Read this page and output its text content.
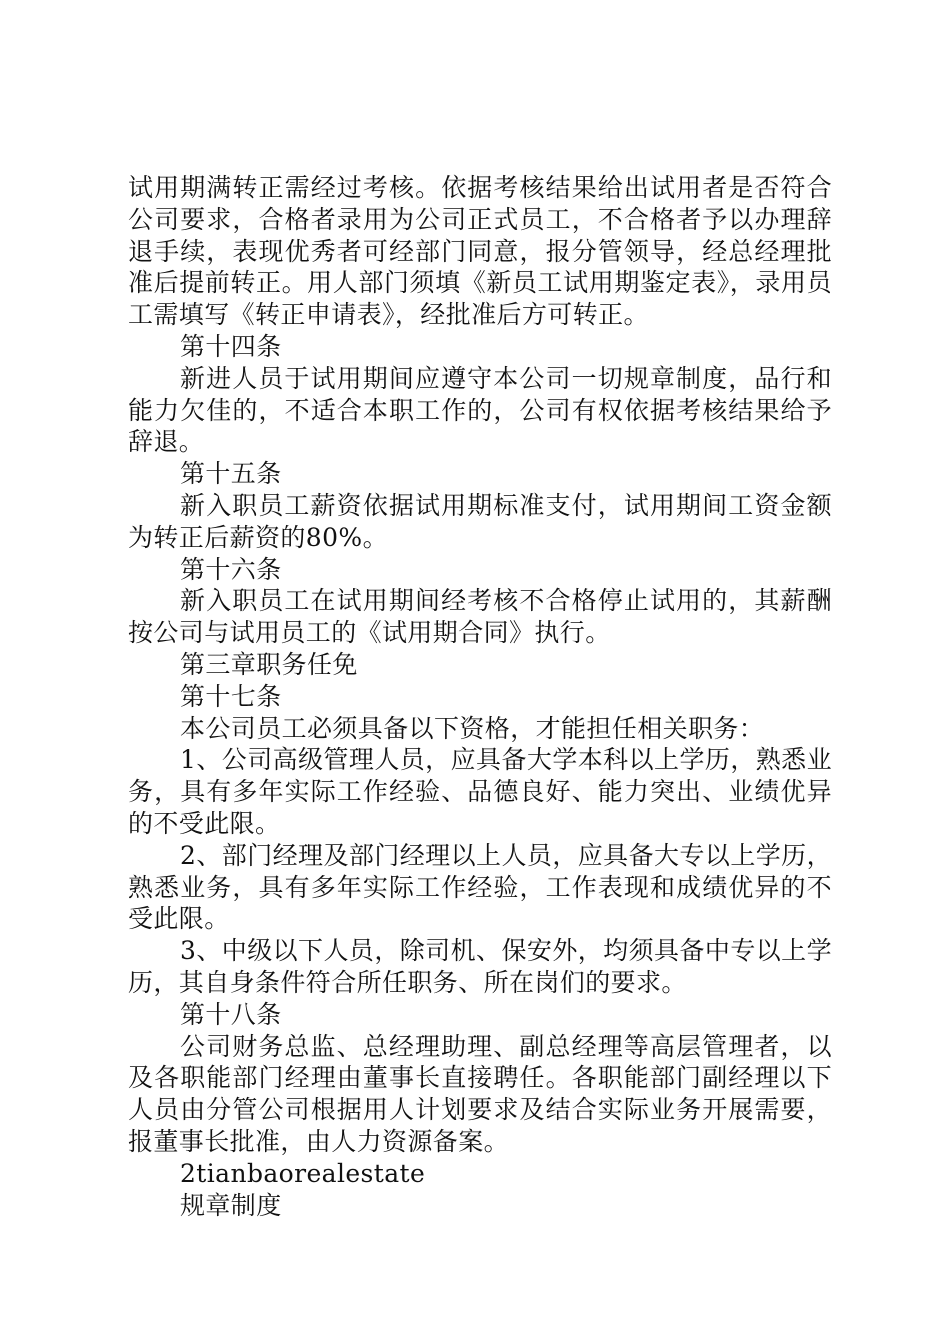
试用期满转正需经过考核。依据考核结果给出试用者是否符合公司要求，合格者录用为公司正式员工，不合格者予以办理辞退手续，表现优秀者可经部门同意，报分管领导，经总经理批准后提前转正。用人部门须填《新员工试用期鉴定表》，录用员工需填写《转正申请表》，经批准后方可转正。

第十四条

新进人员于试用期间应遵守本公司一切规章制度，品行和能力欠佳的，不适合本职工作的，公司有权依据考核结果给予辞退。

第十五条

新入职员工薪资依据试用期标准支付，试用期间工资金额为转正后薪资的80%。

第十六条

新入职员工在试用期间经考核不合格停止试用的，其薪酬按公司与试用员工的《试用期合同》执行。

第三章职务任免

第十七条

本公司员工必须具备以下资格，才能担任相关职务：

1、公司高级管理人员，应具备大学本科以上学历，熟悉业务，具有多年实际工作经验、品德良好、能力突出、业绩优异的不受此限。

2、部门经理及部门经理以上人员，应具备大专以上学历，熟悉业务，具有多年实际工作经验，工作表现和成绩优异的不受此限。

3、中级以下人员，除司机、保安外，均须具备中专以上学历，其自身条件符合所任职务、所在岗们的要求。

第十八条

公司财务总监、总经理助理、副总经理等高层管理者，以及各职能部门经理由董事长直接聘任。各职能部门副经理以下人员由分管公司根据用人计划要求及结合实际业务开展需要，报董事长批准，由人力资源备案。

2tianbaorealestate

规章制度
